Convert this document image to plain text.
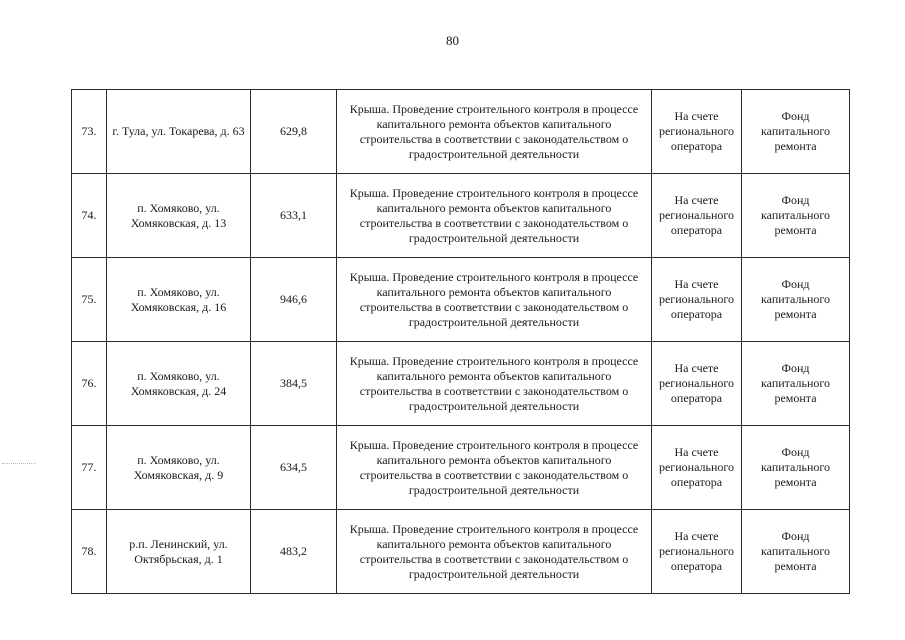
80
73.	г. Тула, ул. Токарева, д. 63	629,8	Крыша. Проведение строительного контроля в процессе капитального ремонта объектов капитального строительства в соответствии с законодательством о градостроительной деятельности	На счете регионального оператора	Фонд капитального ремонта
74.	п. Хомяково, ул. Хомяковская, д. 13	633,1	Крыша. Проведение строительного контроля в процессе капитального ремонта объектов капитального строительства в соответствии с законодательством о градостроительной деятельности	На счете регионального оператора	Фонд капитального ремонта
75.	п. Хомяково, ул. Хомяковская, д. 16	946,6	Крыша. Проведение строительного контроля в процессе капитального ремонта объектов капитального строительства в соответствии с законодательством о градостроительной деятельности	На счете регионального оператора	Фонд капитального ремонта
76.	п. Хомяково, ул. Хомяковская, д. 24	384,5	Крыша. Проведение строительного контроля в процессе капитального ремонта объектов капитального строительства в соответствии с законодательством о градостроительной деятельности	На счете регионального оператора	Фонд капитального ремонта
77.	п. Хомяково, ул. Хомяковская, д. 9	634,5	Крыша. Проведение строительного контроля в процессе капитального ремонта объектов капитального строительства в соответствии с законодательством о градостроительной деятельности	На счете регионального оператора	Фонд капитального ремонта
78.	р.п. Ленинский, ул. Октябрьская, д. 1	483,2	Крыша. Проведение строительного контроля в процессе капитального ремонта объектов капитального строительства в соответствии с законодательством о градостроительной деятельности	На счете регионального оператора	Фонд капитального ремонта
